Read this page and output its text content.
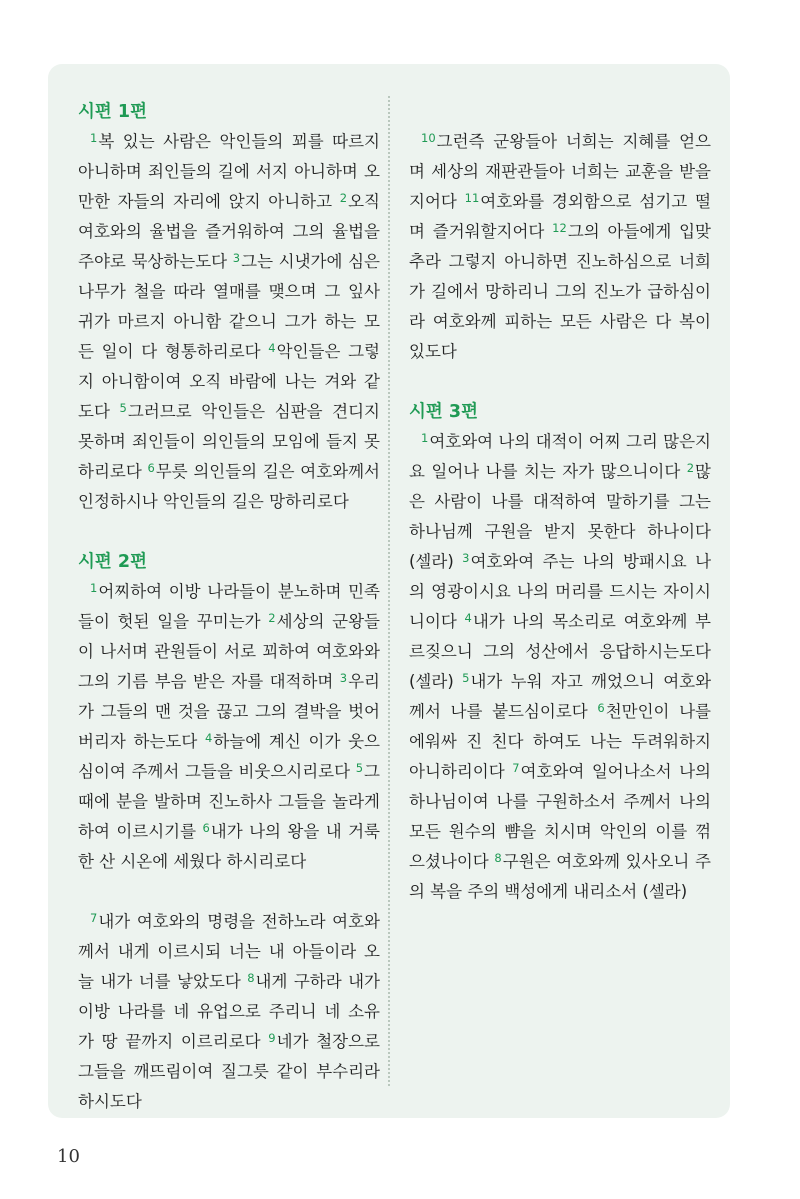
시편 1편

$^1$복 있는 사람은 악인들의 꾀를 따르지 아니하며 죄인들의 길에 서지 아니하며 오만한 자들의 자리에 앉지 아니하고 $^2$오직 여호와의 율법을 즐거워하여 그의 율법을 주야로 묵상하는도다 $^3$그는 시냇가에 심은 나무가 철을 따라 열매를 맺으며 그 잎사귀가 마르지 아니함 같으니 그가 하는 모든 일이 다 형통하리로다 $^4$악인들은 그렇지 아니함이여 오직 바람에 나는 겨와 같도다 $^5$그러므로 악인들은 심판을 견디지 못하며 죄인들이 의인들의 모임에 들지 못하리로다 $^6$무릇 의인들의 길은 여호와께서 인정하시나 악인들의 길은 망하리로다

시편 2편

$^1$어찌하여 이방 나라들이 분노하며 민족들이 헛된 일을 꾸미는가 $^2$세상의 군왕들이 나서며 관원들이 서로 꾀하여 여호와와 그의 기름 부음 받은 자를 대적하며 $^3$우리가 그들의 맨 것을 끊고 그의 결박을 벗어 버리자 하는도다 $^4$하늘에 계신 이가 웃으심이여 주께서 그들을 비웃으시리로다 $^5$그 때에 분을 발하며 진노하사 그들을 놀라게 하여 이르시기를 $^6$내가 나의 왕을 내 거룩한 산 시온에 세웠다 하시리로다

$^7$내가 여호와의 명령을 전하노라 여호와께서 내게 이르시되 너는 내 아들이라 오늘 내가 너를 낳았도다 $^8$내게 구하라 내가 이방 나라를 네 유업으로 주리니 네 소유가 땅 끝까지 이르리로다 $^9$네가 철장으로 그들을 깨뜨림이여 질그릇 같이 부수리라 하시도다

$^{10}$그런즉 군왕들아 너희는 지혜를 얻으며 세상의 재판관들아 너희는 교훈을 받을지어다 $^{11}$여호와를 경외함으로 섬기고 떨며 즐거워할지어다 $^{12}$그의 아들에게 입맞추라 그렇지 아니하면 진노하심으로 너희가 길에서 망하리니 그의 진노가 급하심이라 여호와께 피하는 모든 사람은 다 복이 있도다

시편 3편

$^1$여호와여 나의 대적이 어찌 그리 많은지요 일어나 나를 치는 자가 많으니이다 $^2$많은 사람이 나를 대적하여 말하기를 그는 하나님께 구원을 받지 못한다 하나이다 (셀라) $^3$여호와여 주는 나의 방패시요 나의 영광이시요 나의 머리를 드시는 자이시니이다 $^4$내가 나의 목소리로 여호와께 부르짖으니 그의 성산에서 응답하시는도다 (셀라) $^5$내가 누워 자고 깨었으니 여호와께서 나를 붙드심이로다 $^6$천만인이 나를 에워싸 진 친다 하여도 나는 두려워하지 아니하리이다 $^7$여호와여 일어나소서 나의 하나님이여 나를 구원하소서 주께서 나의 모든 원수의 뺨을 치시며 악인의 이를 꺾으셨나이다 $^8$구원은 여호와께 있사오니 주의 복을 주의 백성에게 내리소서 (셀라)

10
